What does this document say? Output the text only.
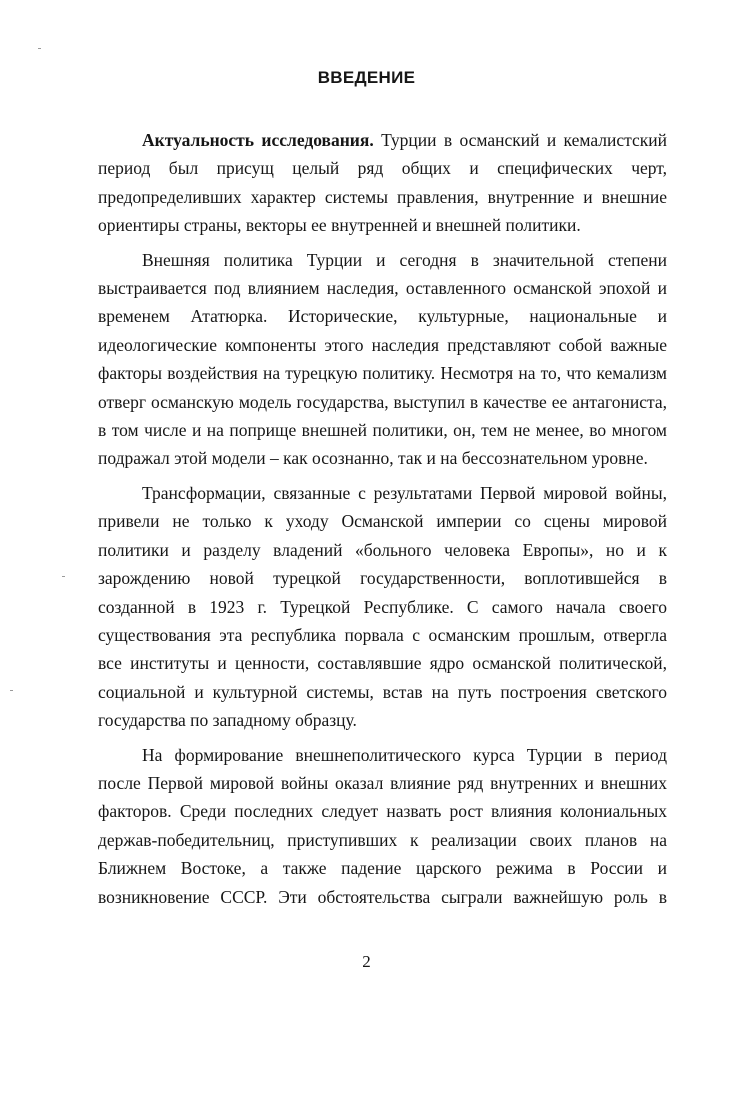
ВВЕДЕНИЕ
Актуальность исследования. Турции в османский и кемалистский
период был присущ целый ряд общих и специфических черт,
предопределивших характер системы правления, внутренние и внешние
ориентиры страны, векторы ее внутренней и внешней политики.
Внешняя политика Турции и сегодня в значительной степени
выстраивается под влиянием наследия, оставленного османской эпохой и
временем Ататюрка. Исторические, культурные, национальные и
идеологические компоненты этого наследия представляют собой важные
факторы воздействия на турецкую политику. Несмотря на то, что кемализм
отверг османскую модель государства, выступил в качестве ее антагониста,
в том числе и на поприще внешней политики, он, тем не менее, во многом
подражал этой модели – как осознанно, так и на бессознательном уровне.
Трансформации, связанные с результатами Первой мировой войны,
привели не только к уходу Османской империи со сцены мировой
политики и разделу владений «больного человека Европы», но и к
зарождению новой турецкой государственности, воплотившейся в
созданной в 1923 г. Турецкой Республике. С самого начала своего
существования эта республика порвала с османским прошлым, отвергла
все институты и ценности, составлявшие ядро османской политической,
социальной и культурной системы, встав на путь построения светского
государства по западному образцу.
На формирование внешнеполитического курса Турции в период
после Первой мировой войны оказал влияние ряд внутренних и внешних
факторов. Среди последних следует назвать рост влияния колониальных
держав-победительниц, приступивших к реализации своих планов на
Ближнем Востоке, а также падение царского режима в России и
возникновение СССР. Эти обстоятельства сыграли важнейшую роль в
2
